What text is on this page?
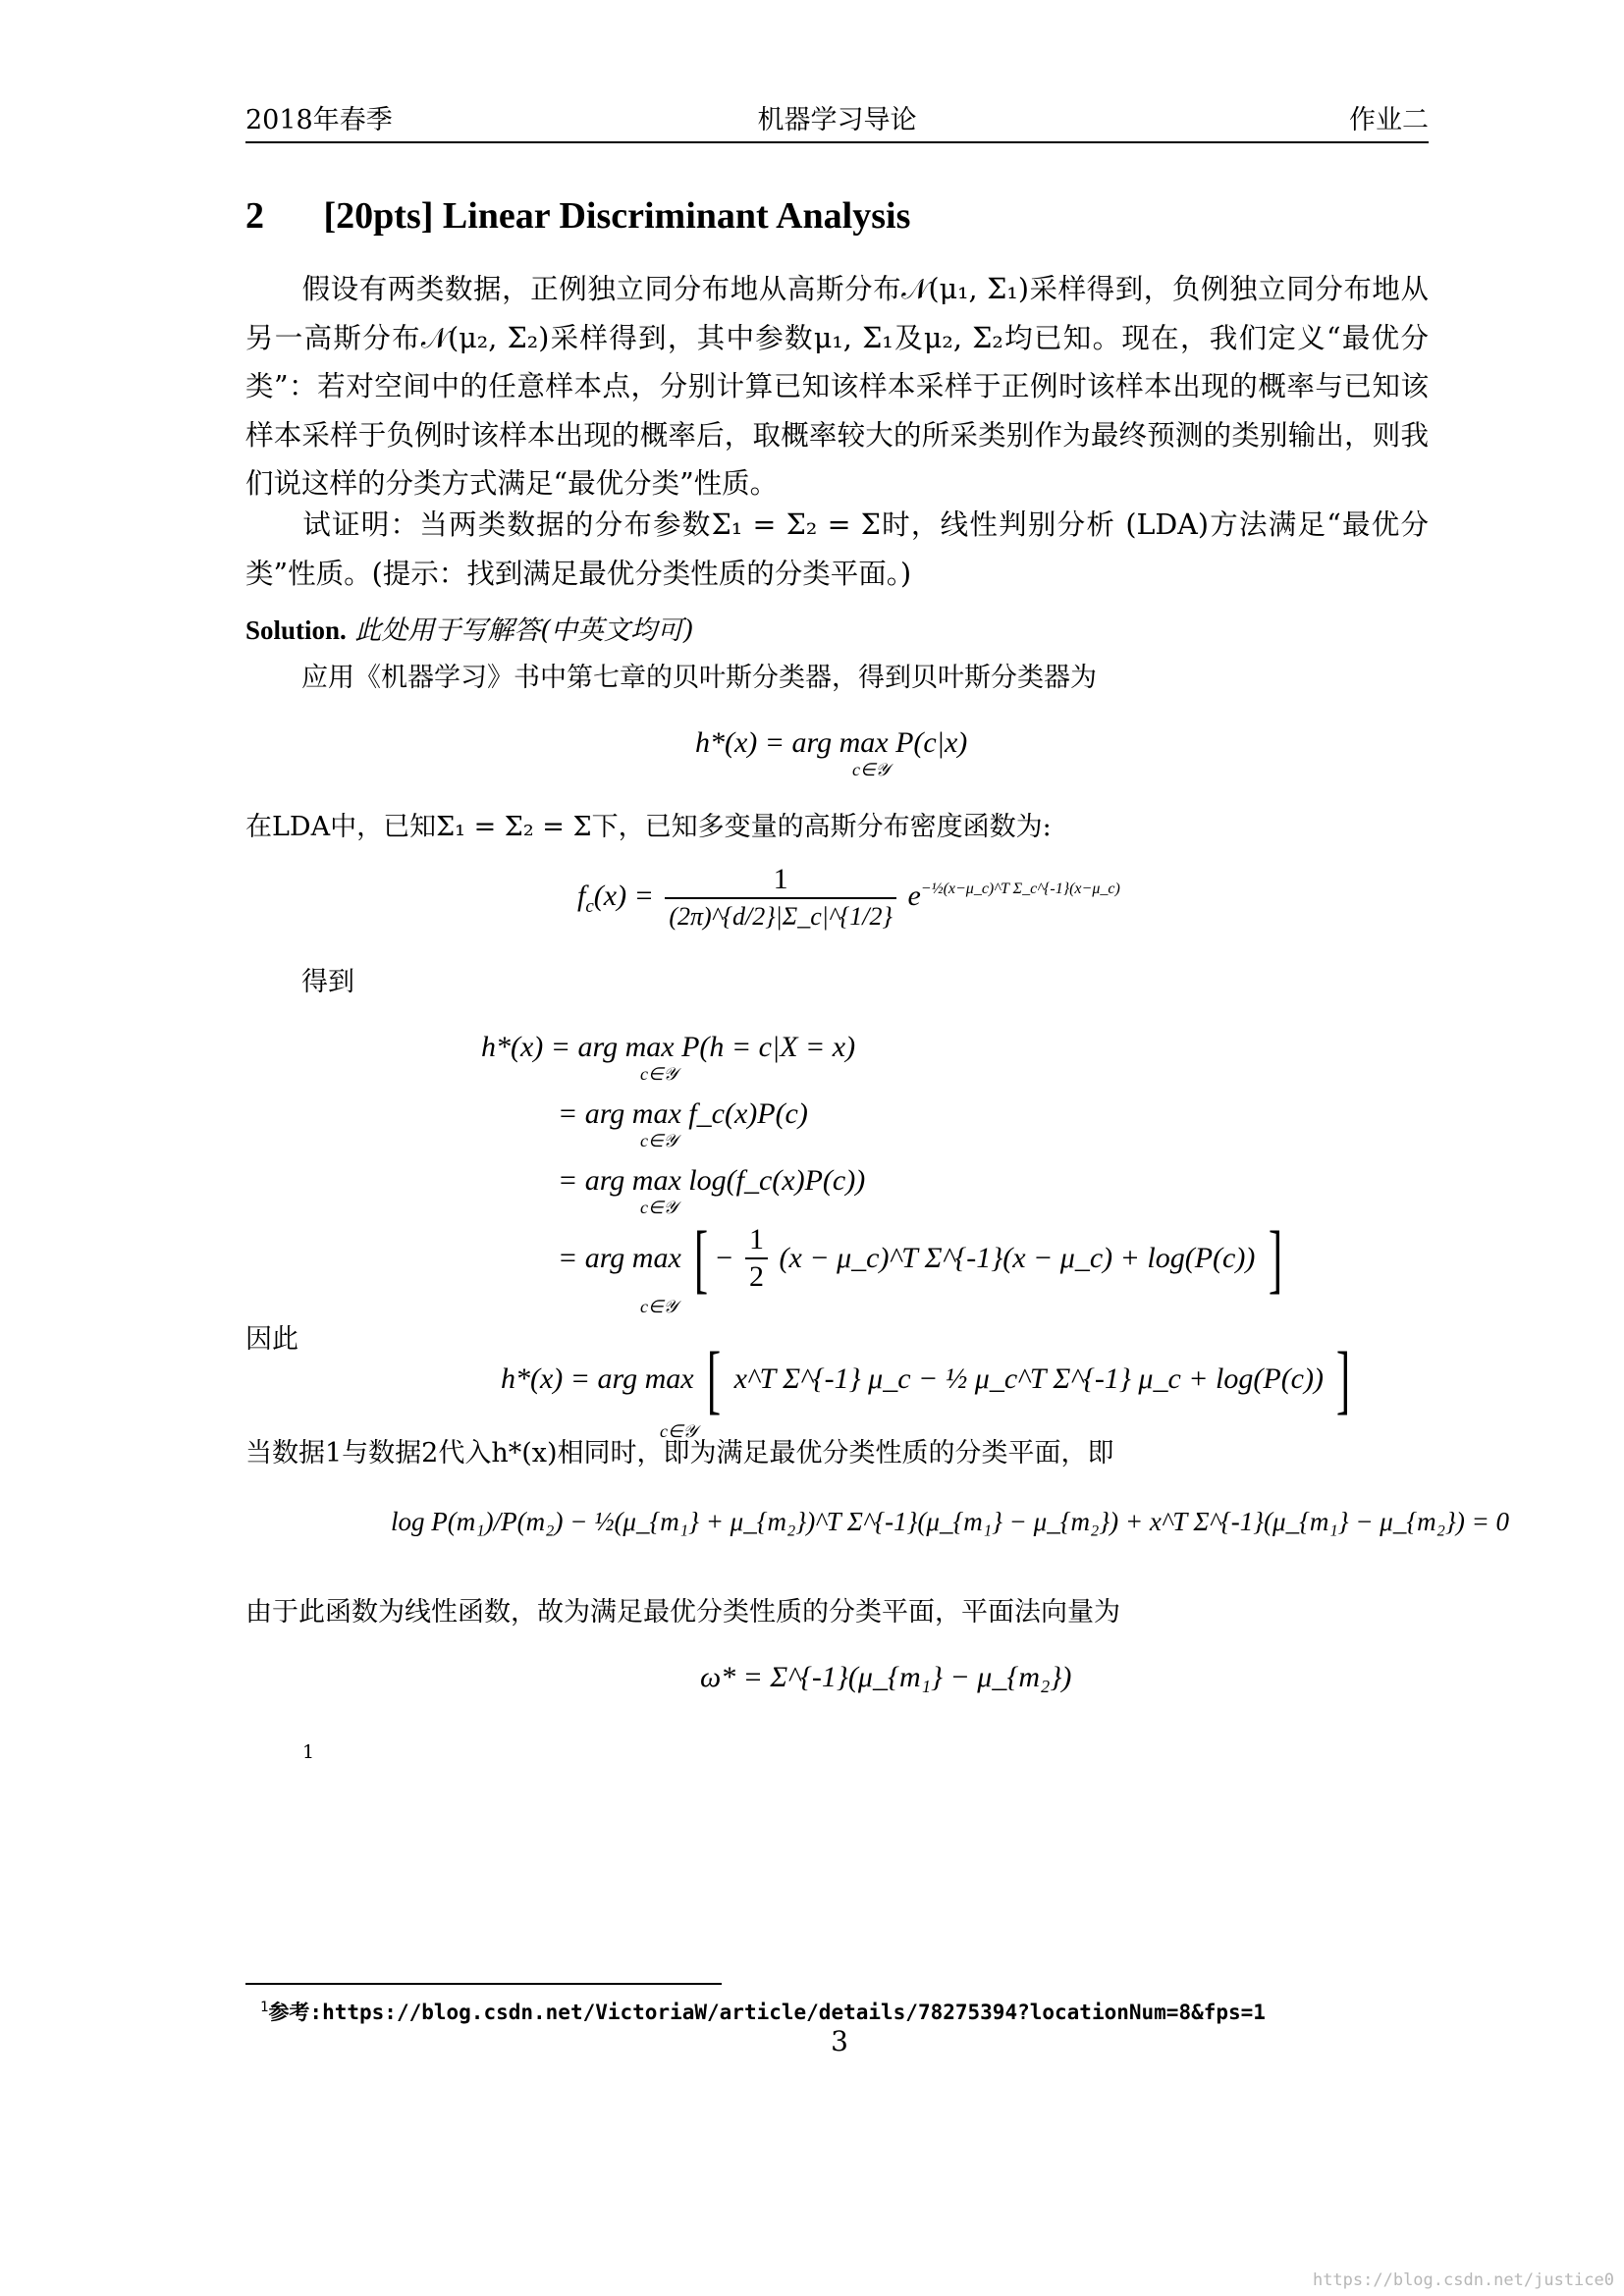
2018年春季	机器学习导论	作业二
2 [20pts] Linear Discriminant Analysis
假设有两类数据，正例独立同分布地从高斯分布𝒩(μ₁, Σ₁)采样得到，负例独立同分布地从另一高斯分布𝒩(μ₂, Σ₂)采样得到，其中参数μ₁, Σ₁及μ₂, Σ₂均已知。现在，我们定义“最优分类”：若对空间中的任意样本点，分别计算已知该样本采样于正例时该样本出现的概率与已知该样本采样于负例时该样本出现的概率后，取概率较大的所采类别作为最终预测的类别输出，则我们说这样的分类方式满足“最优分类”性质。
试证明：当两类数据的分布参数Σ₁ = Σ₂ = Σ时，线性判别分析 (LDA)方法满足“最优分类”性质。(提示：找到满足最优分类性质的分类平面。)
Solution. 此处用于写解答(中英文均可)
应用《机器学习》书中第七章的贝叶斯分类器，得到贝叶斯分类器为
h*(x) = arg max P(c|x)
c∈𝒴
在LDA中，已知Σ₁ = Σ₂ = Σ下，已知多变量的高斯分布密度函数为:
$f_c(x) = \frac{1}{(2\pi)\^{}\{d/2\}|\Sigma\_c|\^{}\{1/2\}} e^{-\frac{1}{2}(x-\mu\_c)\^{}T \Sigma\_c\^{}\{-1\}(x-\mu\_c)}$
得到
h*(x) = arg max P(h = c|X = x)
c∈𝒴
= arg max f_c(x)P(c)
c∈𝒴
= arg max log(f_c(x)P(c))
c∈𝒴
= arg max [ − $\frac{1}{2} (x$ − μ_c)^T Σ^{-1}(x − μ_c) + log(P(c)) ]
c∈𝒴
因此
h*(x) = arg max [ x^T Σ^{-1} μ_c − ½ μ_c^T Σ^{-1} μ_c + log(P(c)) ]
c∈𝒴
当数据1与数据2代入h*(x)相同时，即为满足最优分类性质的分类平面，即
log P(m₁)/P(m₂) − ½(μ_{m₁} + μ_{m₂})^T Σ^{-1}(μ_{m₁} − μ_{m₂}) + x^T Σ^{-1}(μ_{m₁} − μ_{m₂}) = 0
由于此函数为线性函数，故为满足最优分类性质的分类平面，平面法向量为
ω* = Σ^{-1}(μ_{m₁} − μ_{m₂})
1
$^1$参考:https://blog.csdn.net/VictoriaW/article/details/78275394?locationNum=8&fps=1
3
https://blog.csdn.net/justice0
